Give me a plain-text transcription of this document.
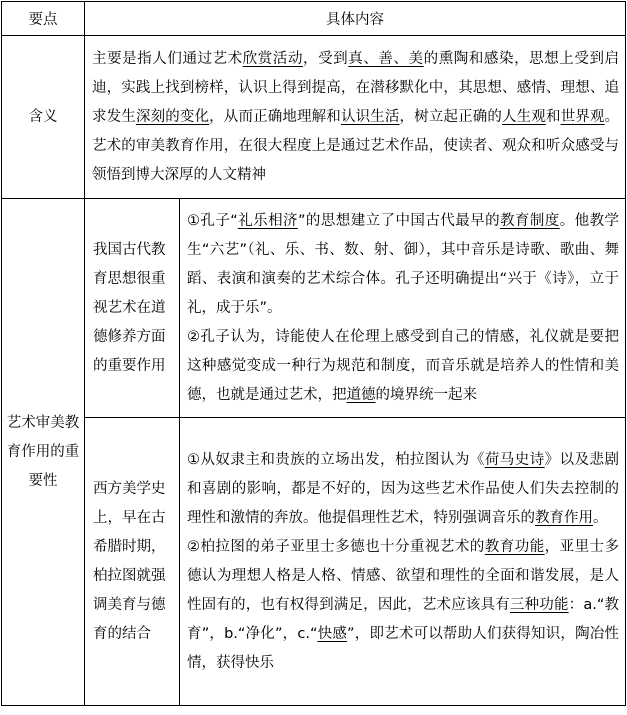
要点	具体内容	
含义	主要是指人们通过艺术欣赏活动，受到真、善、美的熏陶和感染，思想上受到启迪，实践上找到榜样，认识上得到提高，在潜移默化中，其思想、感情、理想、追求发生深刻的变化，从而正确地理解和认识生活，树立起正确的人生观和世界观。艺术的审美教育作用，在很大程度上是通过艺术作品，使读者、观众和听众感受与领悟到博大深厚的人文精神	

艺术审美教育作用的重要性	我国古代教育思想很重视艺术在道德修养方面的重要作用	①孔子“礼乐相济”的思想建立了中国古代最早的教育制度。他教学生“六艺”（礼、乐、书、数、射、御），其中音乐是诗歌、歌曲、舞蹈、表演和演奏的艺术综合体。孔子还明确提出“兴于《诗》，立于礼，成于乐”。

②孔子认为，诗能使人在伦理上感受到自己的情感，礼仪就是要把这种感觉变成一种行为规范和制度，而音乐就是培养人的性情和美德，也就是通过艺术，把道德的境界统一起来

	西方美学史上，早在古希腊时期，柏拉图就强调美育与德育的结合	①从奴隶主和贵族的立场出发，柏拉图认为《荷马史诗》以及悲剧和喜剧的影响，都是不好的，因为这些艺术作品使人们失去控制的理性和激情的奔放。他提倡理性艺术，特别强调音乐的教育作用。

②柏拉图的弟子亚里士多德也十分重视艺术的教育功能，亚里士多德认为理想人格是人格、情感、欲望和理性的全面和谐发展，是人性固有的，也有权得到满足，因此，艺术应该具有三种功能：a.“教育”，b.“净化”，c.“快感”，即艺术可以帮助人们获得知识，陶冶性情，获得快乐
